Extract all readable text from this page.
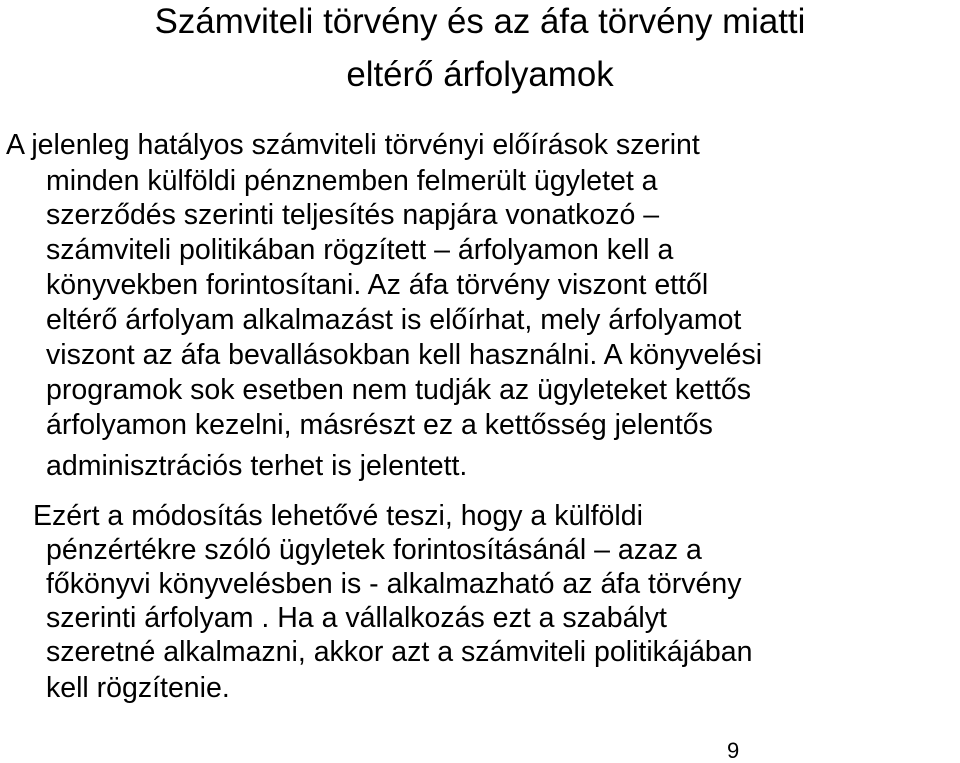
Számviteli törvény és az áfa törvény miatti
eltérő árfolyamok
A jelenleg hatályos számviteli törvényi előírások szerint
minden külföldi pénznemben felmerült ügyletet a
szerződés szerinti teljesítés napjára vonatkozó –
számviteli politikában rögzített – árfolyamon kell a
könyvekben forintosítani. Az áfa törvény viszont ettől
eltérő árfolyam alkalmazást is előírhat, mely árfolyamot
viszont az áfa bevallásokban kell használni. A könyvelési
programok sok esetben nem tudják az ügyleteket kettős
árfolyamon kezelni, másrészt ez a kettősség jelentős
adminisztrációs terhet is jelentett.
Ezért a módosítás lehetővé teszi, hogy a külföldi
pénzértékre szóló ügyletek forintosításánál – azaz a
főkönyvi könyvelésben is - alkalmazható az áfa törvény
szerinti árfolyam . Ha a vállalkozás ezt a szabályt
szeretné alkalmazni, akkor azt a számviteli politikájában
kell rögzítenie.
9
